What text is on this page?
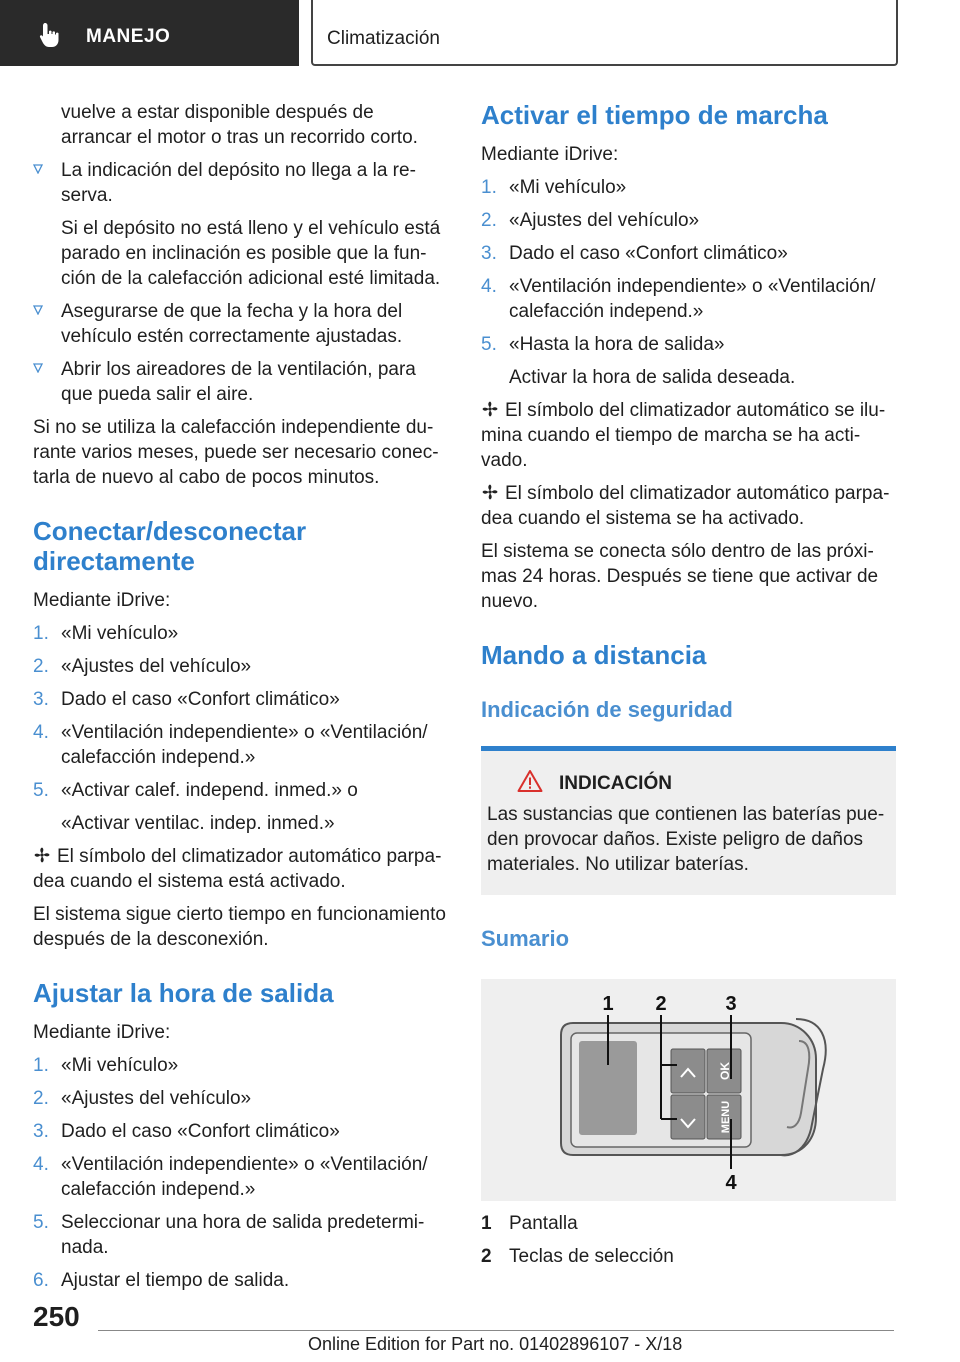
MANEJO	Climatización

vuelve a estar disponible después de arrancar el motor o tras un recorrido corto.

La indicación del depósito no llega a la reserva.
Si el depósito no está lleno y el vehículo está parado en inclinación es posible que la función de la calefacción adicional esté limitada.
Asegurarse de que la fecha y la hora del vehículo estén correctamente ajustadas.
Abrir los aireadores de la ventilación, para que pueda salir el aire.

Si no se utiliza la calefacción independiente durante varios meses, puede ser necesario conectarla de nuevo al cabo de pocos minutos.

Conectar/desconectar directamente

Mediante iDrive:

1. «Mi vehículo»
2. «Ajustes del vehículo»
3. Dado el caso «Confort climático»
4. «Ventilación independiente» o «Ventilación/ calefacción independ.»
5. «Activar calef. independ. inmed.» o
«Activar ventilac. indep. inmed.»

El símbolo del climatizador automático parpadea cuando el sistema está activado.

El sistema sigue cierto tiempo en funcionamiento después de la desconexión.

Ajustar la hora de salida

Mediante iDrive:

1. «Mi vehículo»
2. «Ajustes del vehículo»
3. Dado el caso «Confort climático»
4. «Ventilación independiente» o «Ventilación/ calefacción independ.»
5. Seleccionar una hora de salida predeterminada.
6. Ajustar el tiempo de salida.
Activar el tiempo de marcha

Mediante iDrive:

1. «Mi vehículo»
2. «Ajustes del vehículo»
3. Dado el caso «Confort climático»
4. «Ventilación independiente» o «Ventilación/ calefacción independ.»
5. «Hasta la hora de salida»
Activar la hora de salida deseada.

El símbolo del climatizador automático se ilumina cuando el tiempo de marcha se ha activado.

El símbolo del climatizador automático parpadea cuando el sistema se ha activado.

El sistema se conecta sólo dentro de las próximas 24 horas. Después se tiene que activar de nuevo.

Mando a distancia
Indicación de seguridad
INDICACIÓN
Las sustancias que contienen las baterías pueden provocar daños. Existe peligro de daños materiales. No utilizar baterías.
Sumario
OK
MENU
1 2	3
4
1 Pantalla
2 Teclas de selección
250
Online Edition for Part no. 01402896107 - X/18
